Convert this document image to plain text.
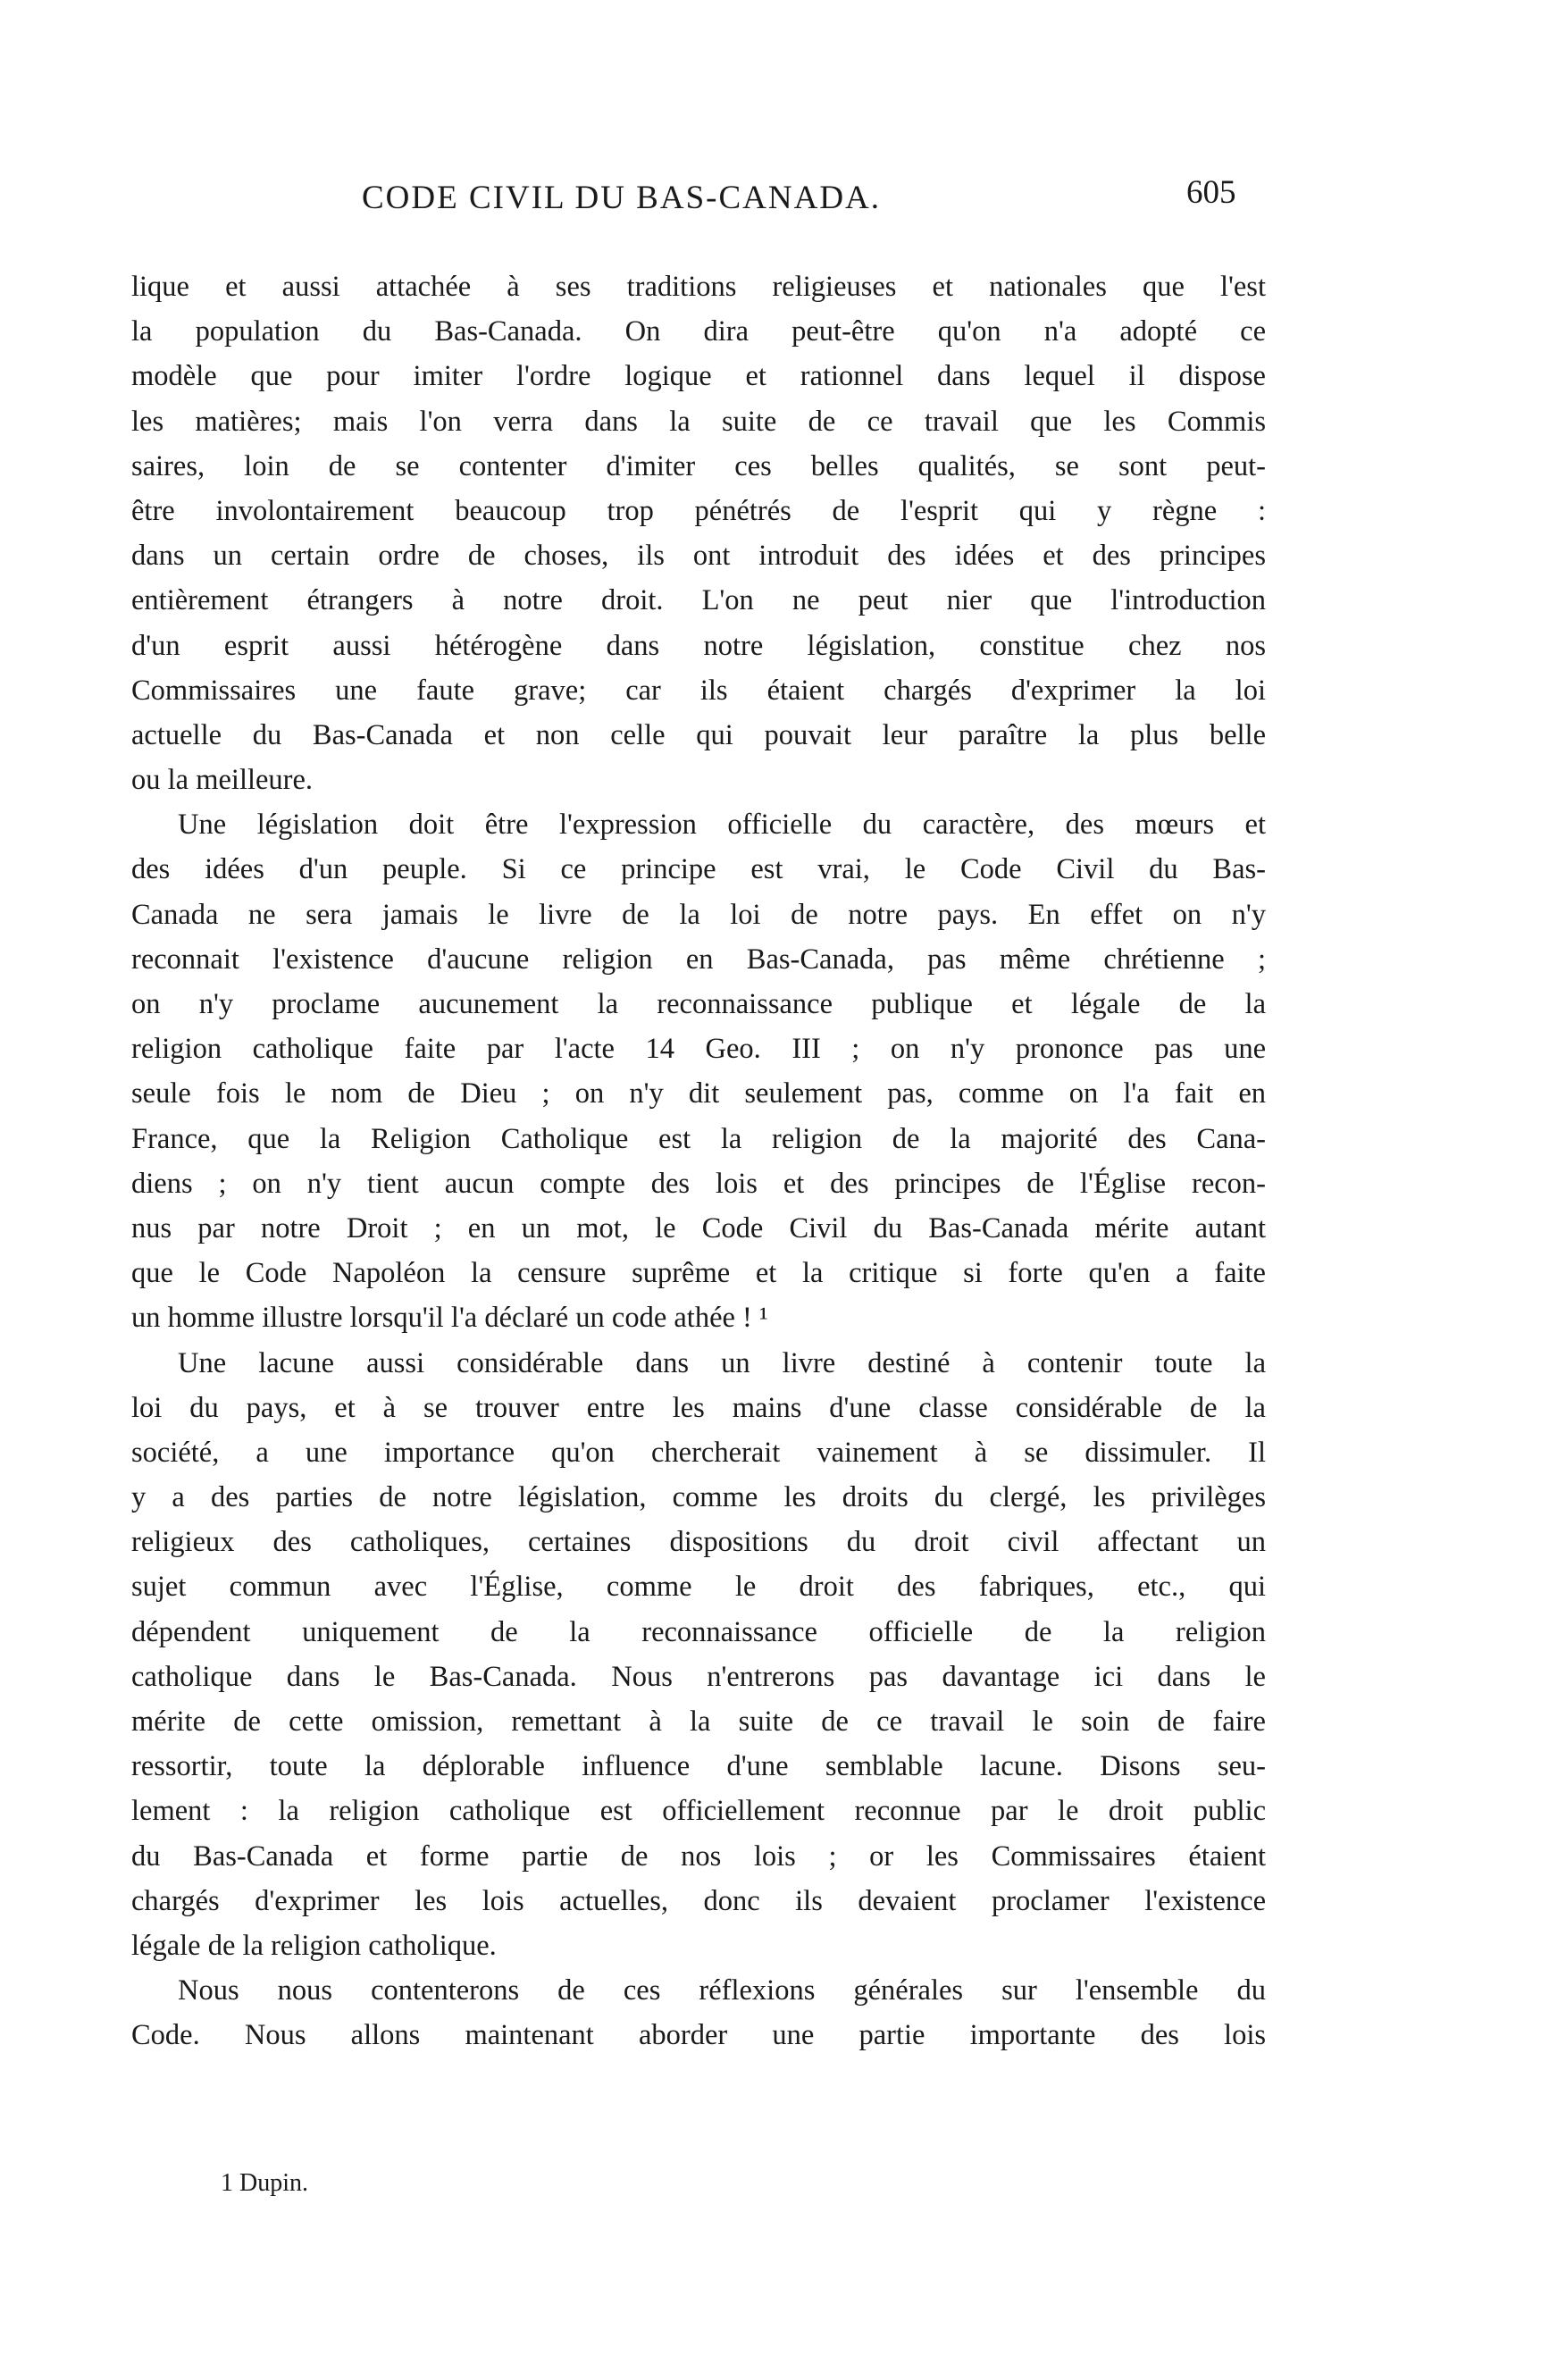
CODE CIVIL DU BAS-CANADA.	605
lique et aussi attachée à ses traditions religieuses et nationales que l'est
la population du Bas-Canada. On dira peut-être qu'on n'a adopté ce
modèle que pour imiter l'ordre logique et rationnel dans lequel il dispose
les matières; mais l'on verra dans la suite de ce travail que les Commis
saires, loin de se contenter d'imiter ces belles qualités, se sont peut-
être involontairement beaucoup trop pénétrés de l'esprit qui y règne :
dans un certain ordre de choses, ils ont introduit des idées et des principes
entièrement étrangers à notre droit. L'on ne peut nier que l'introduction
d'un esprit aussi hétérogène dans notre législation, constitue chez nos
Commissaires une faute grave; car ils étaient chargés d'exprimer la loi
actuelle du Bas-Canada et non celle qui pouvait leur paraître la plus belle
ou la meilleure.
Une législation doit être l'expression officielle du caractère, des mœurs et
des idées d'un peuple. Si ce principe est vrai, le Code Civil du Bas-
Canada ne sera jamais le livre de la loi de notre pays. En effet on n'y
reconnait l'existence d'aucune religion en Bas-Canada, pas même chrétienne ;
on n'y proclame aucunement la reconnaissance publique et légale de la
religion catholique faite par l'acte 14 Geo. III ; on n'y prononce pas une
seule fois le nom de Dieu ; on n'y dit seulement pas, comme on l'a fait en
France, que la Religion Catholique est la religion de la majorité des Cana-
diens ; on n'y tient aucun compte des lois et des principes de l'Église recon-
nus par notre Droit ; en un mot, le Code Civil du Bas-Canada mérite autant
que le Code Napoléon la censure suprême et la critique si forte qu'en a faite
un homme illustre lorsqu'il l'a déclaré un code athée ! ¹
Une lacune aussi considérable dans un livre destiné à contenir toute la
loi du pays, et à se trouver entre les mains d'une classe considérable de la
société, a une importance qu'on chercherait vainement à se dissimuler. Il
y a des parties de notre législation, comme les droits du clergé, les privilèges
religieux des catholiques, certaines dispositions du droit civil affectant un
sujet commun avec l'Église, comme le droit des fabriques, etc., qui
dépendent uniquement de la reconnaissance officielle de la religion
catholique dans le Bas-Canada. Nous n'entrerons pas davantage ici dans le
mérite de cette omission, remettant à la suite de ce travail le soin de faire
ressortir, toute la déplorable influence d'une semblable lacune. Disons seu-
lement : la religion catholique est officiellement reconnue par le droit public
du Bas-Canada et forme partie de nos lois ; or les Commissaires étaient
chargés d'exprimer les lois actuelles, donc ils devaient proclamer l'existence
légale de la religion catholique.
Nous nous contenterons de ces réflexions générales sur l'ensemble du
Code. Nous allons maintenant aborder une partie importante des lois
1 Dupin.
